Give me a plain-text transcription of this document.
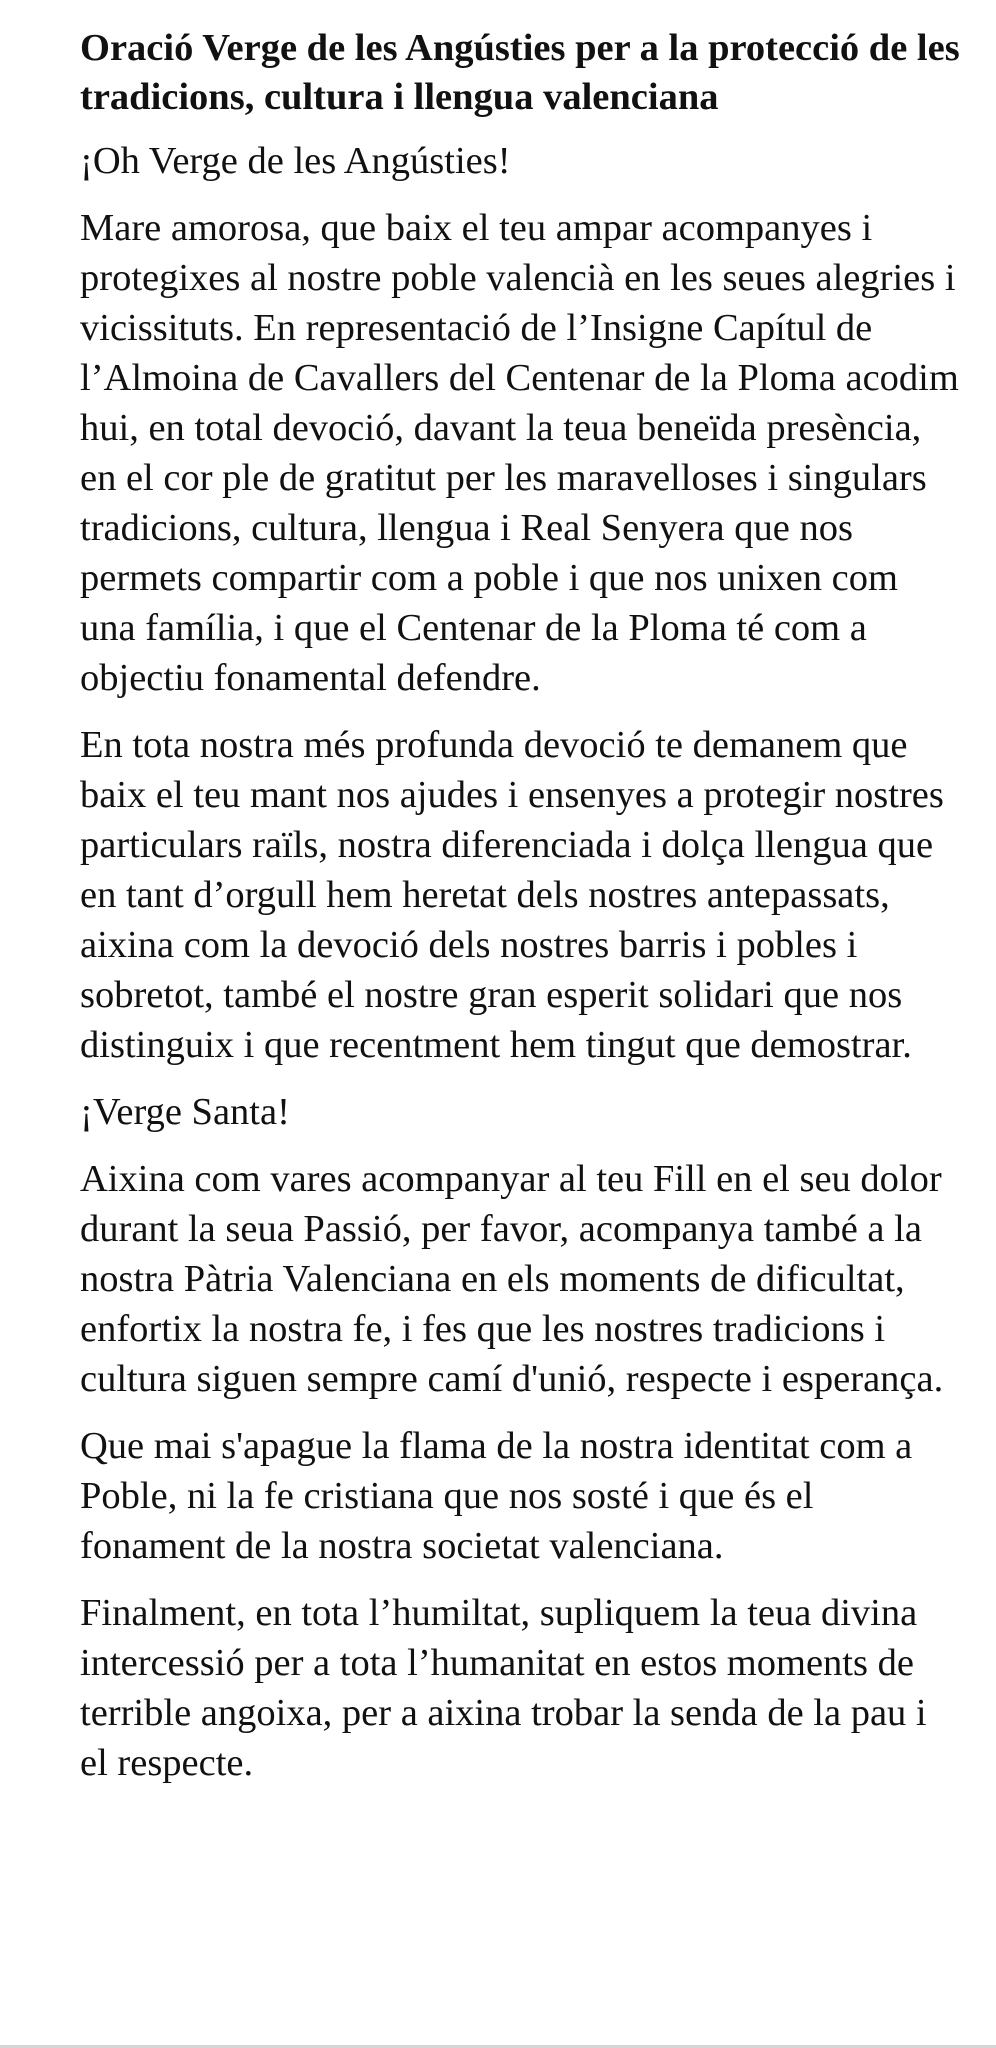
Oració Verge de les Angústies per a la protecció de les tradicions, cultura i llengua valenciana

¡Oh Verge de les Angústies!

Mare amorosa, que baix el teu ampar acompanyes i protegixes al nostre poble valencià en les seues alegries i vicissituts. En representació de l’Insigne Capítul de l’Almoina de Cavallers del Centenar de la Ploma acodim hui, en total devoció, davant la teua beneïda presència, en el cor ple de gratitut per les maravelloses i singulars tradicions, cultura, llengua i Real Senyera que nos permets compartir com a poble i que nos unixen com una família, i que el Centenar de la Ploma té com a objectiu fonamental defendre.

En tota nostra més profunda devoció te demanem que baix el teu mant nos ajudes i ensenyes a protegir nostres particulars raïls, nostra diferenciada i dolça llengua que en tant d’orgull hem heretat dels nostres antepassats, aixina com la devoció dels nostres barris i pobles i sobretot, també el nostre gran esperit solidari que nos distinguix i que recentment hem tingut que demostrar.

¡Verge Santa!

Aixina com vares acompanyar al teu Fill en el seu dolor durant la seua Passió, per favor, acompanya també a la nostra Pàtria Valenciana en els moments de dificultat, enfortix la nostra fe, i fes que les nostres tradicions i cultura siguen sempre camí d'unió, respecte i esperança.

Que mai s'apague la flama de la nostra identitat com a Poble, ni la fe cristiana que nos sosté i que és el fonament de la nostra societat valenciana.

Finalment, en tota l’humiltat, supliquem la teua divina intercessió per a tota l’humanitat en estos moments de terrible angoixa, per a aixina trobar la senda de la pau i el respecte.
